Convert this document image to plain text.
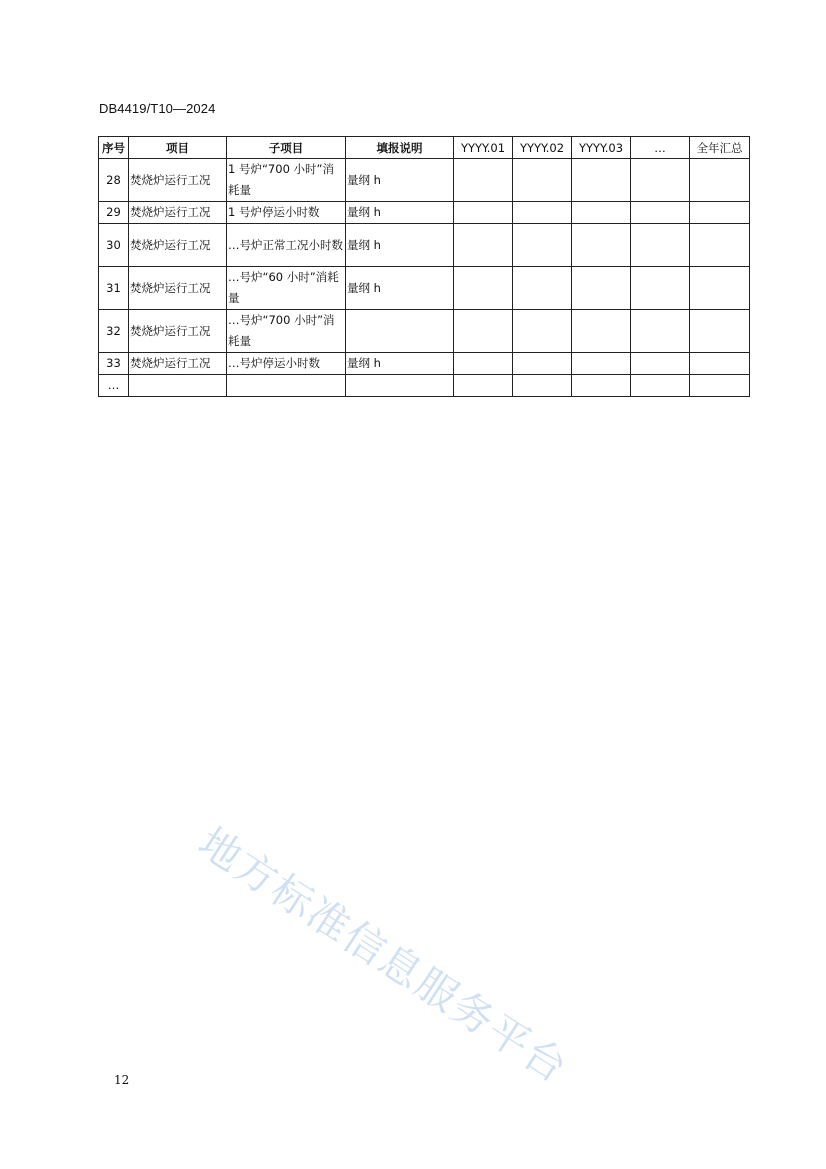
DB4419/T10—2024
序号	项目	子项目	填报说明	YYYY.01	YYYY.02	YYYY.03	…	全年汇总
28	焚烧炉运行工况	1 号炉“700 小时”消耗量	量纲 h					
29	焚烧炉运行工况	1 号炉停运小时数	量纲 h					
30	焚烧炉运行工况	…号炉正常工况小时数	量纲 h					
31	焚烧炉运行工况	…号炉“60 小时”消耗量	量纲 h					
32	焚烧炉运行工况	…号炉“700 小时”消耗量						
33	焚烧炉运行工况	…号炉停运小时数	量纲 h					
…								
地方标准信息服务平台
12
